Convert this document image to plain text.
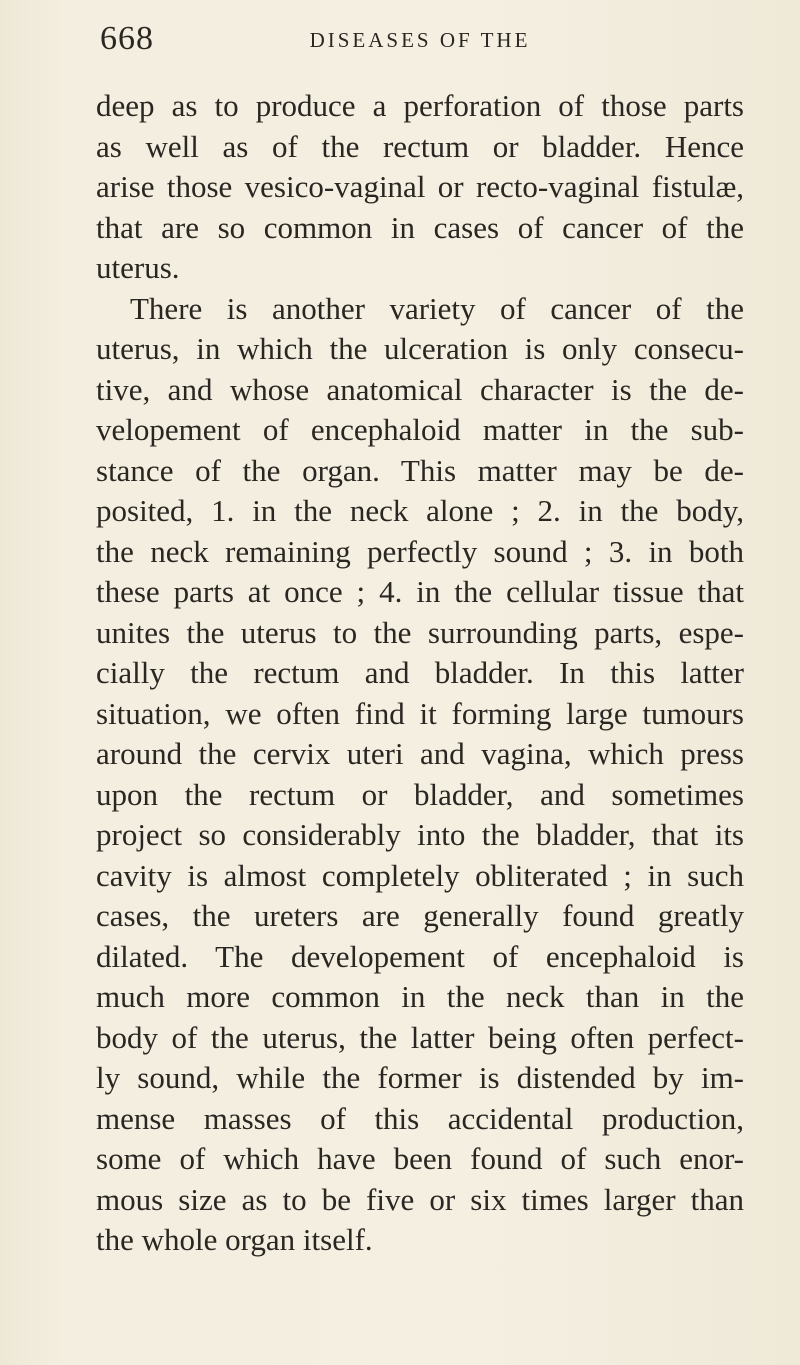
668	DISEASES OF THE
deep as to produce a perforation of those parts
as well as of the rectum or bladder. Hence
arise those vesico-vaginal or recto-vaginal fistulæ,
that are so common in cases of cancer of the
uterus.
There is another variety of cancer of the
uterus, in which the ulceration is only consecu-
tive, and whose anatomical character is the de-
velopement of encephaloid matter in the sub-
stance of the organ. This matter may be de-
posited, 1. in the neck alone ; 2. in the body,
the neck remaining perfectly sound ; 3. in both
these parts at once ; 4. in the cellular tissue that
unites the uterus to the surrounding parts, espe-
cially the rectum and bladder. In this latter
situation, we often find it forming large tumours
around the cervix uteri and vagina, which press
upon the rectum or bladder, and sometimes
project so considerably into the bladder, that its
cavity is almost completely obliterated ; in such
cases, the ureters are generally found greatly
dilated. The developement of encephaloid is
much more common in the neck than in the
body of the uterus, the latter being often perfect-
ly sound, while the former is distended by im-
mense masses of this accidental production,
some of which have been found of such enor-
mous size as to be five or six times larger than
the whole organ itself.
